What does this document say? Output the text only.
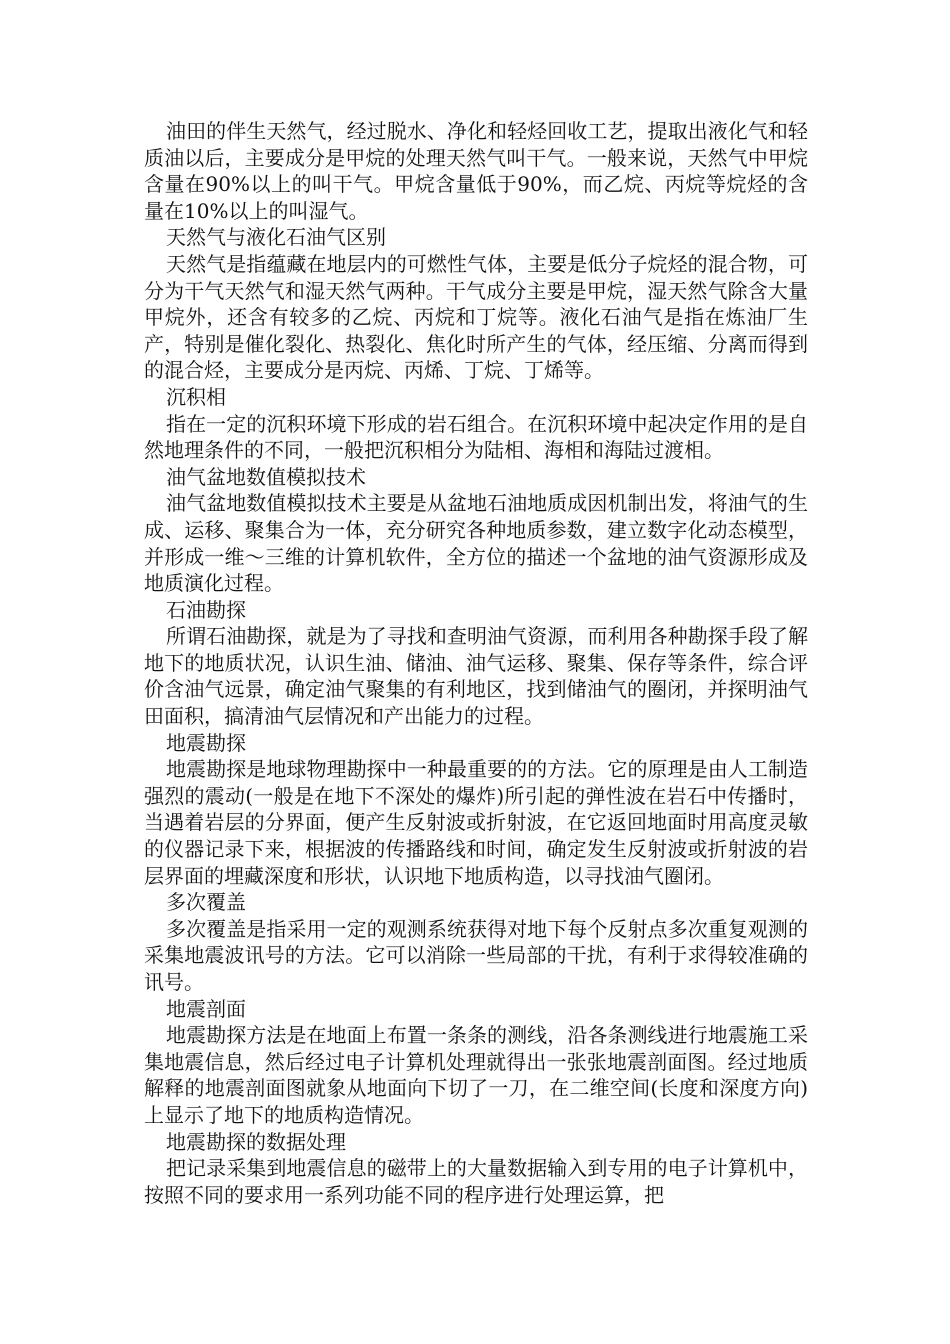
油田的伴生天然气，经过脱水、净化和轻烃回收工艺，提取出液化气和轻质油以后，主要成分是甲烷的处理天然气叫干气。一般来说，天然气中甲烷含量在90%以上的叫干气。甲烷含量低于90%，而乙烷、丙烷等烷烃的含量在10%以上的叫湿气。

天然气与液化石油气区别

天然气是指蕴藏在地层内的可燃性气体，主要是低分子烷烃的混合物，可分为干气天然气和湿天然气两种。干气成分主要是甲烷，湿天然气除含大量甲烷外，还含有较多的乙烷、丙烷和丁烷等。液化石油气是指在炼油厂生产，特别是催化裂化、热裂化、焦化时所产生的气体，经压缩、分离而得到的混合烃，主要成分是丙烷、丙烯、丁烷、丁烯等。

沉积相

指在一定的沉积环境下形成的岩石组合。在沉积环境中起决定作用的是自然地理条件的不同，一般把沉积相分为陆相、海相和海陆过渡相。

油气盆地数值模拟技术

油气盆地数值模拟技术主要是从盆地石油地质成因机制出发，将油气的生成、运移、聚集合为一体，充分研究各种地质参数，建立数字化动态模型，并形成一维～三维的计算机软件，全方位的描述一个盆地的油气资源形成及地质演化过程。

石油勘探

所谓石油勘探，就是为了寻找和查明油气资源，而利用各种勘探手段了解地下的地质状况，认识生油、储油、油气运移、聚集、保存等条件，综合评价含油气远景，确定油气聚集的有利地区，找到储油气的圈闭，并探明油气田面积，搞清油气层情况和产出能力的过程。

地震勘探

地震勘探是地球物理勘探中一种最重要的的方法。它的原理是由人工制造强烈的震动(一般是在地下不深处的爆炸)所引起的弹性波在岩石中传播时，当遇着岩层的分界面，便产生反射波或折射波，在它返回地面时用高度灵敏的仪器记录下来，根据波的传播路线和时间，确定发生反射波或折射波的岩层界面的埋藏深度和形状，认识地下地质构造，以寻找油气圈闭。

多次覆盖

多次覆盖是指采用一定的观测系统获得对地下每个反射点多次重复观测的采集地震波讯号的方法。它可以消除一些局部的干扰，有利于求得较准确的讯号。

地震剖面

地震勘探方法是在地面上布置一条条的测线，沿各条测线进行地震施工采集地震信息，然后经过电子计算机处理就得出一张张地震剖面图。经过地质解释的地震剖面图就象从地面向下切了一刀，在二维空间(长度和深度方向)上显示了地下的地质构造情况。

地震勘探的数据处理

把记录采集到地震信息的磁带上的大量数据输入到专用的电子计算机中，按照不同的要求用一系列功能不同的程序进行处理运算，把
